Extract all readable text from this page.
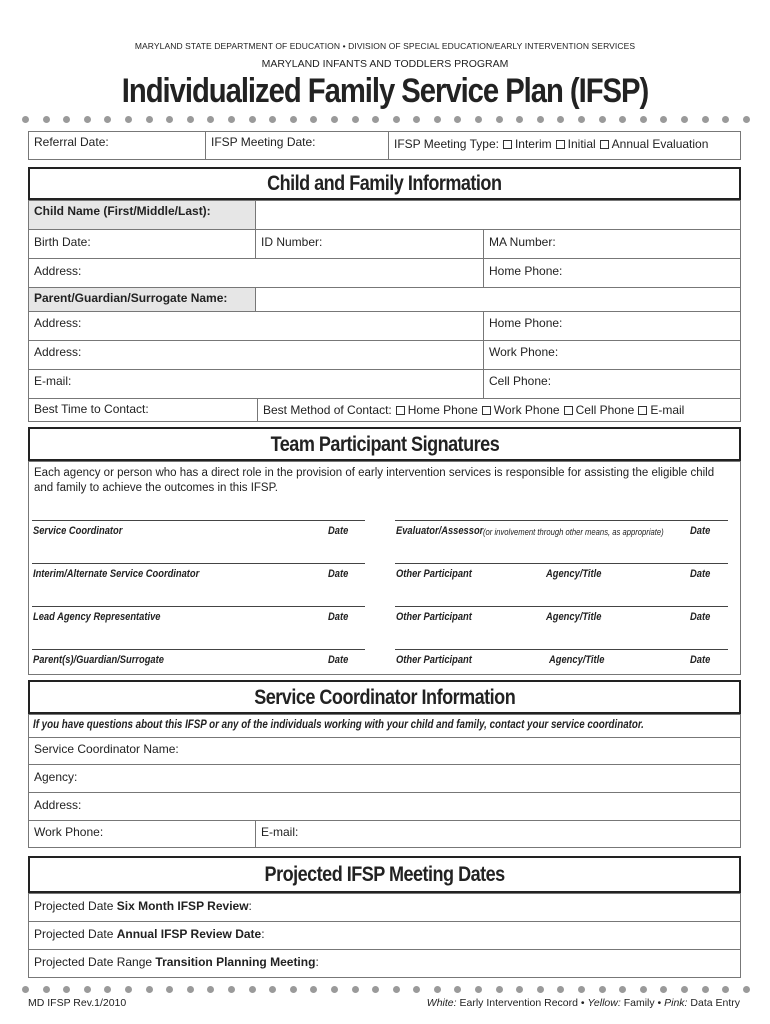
MARYLAND STATE DEPARTMENT OF EDUCATION • DIVISION OF SPECIAL EDUCATION/EARLY INTERVENTION SERVICES
MARYLAND INFANTS AND TODDLERS PROGRAM
Individualized Family Service Plan (IFSP)
Referral Date:	IFSP Meeting Date:	IFSP Meeting Type: Interim Initial Annual Evaluation
Child and Family Information
Child Name (First/Middle/Last):
Birth Date:	ID Number:	MA Number:
Address:	Home Phone:
Parent/Guardian/Surrogate Name:
Address:	Home Phone:
Address:	Work Phone:
E-mail:	Cell Phone:
Best Time to Contact:	Best Method of Contact: Home Phone Work Phone Cell Phone E-mail
Team Participant Signatures
Each agency or person who has a direct role in the provision of early intervention services is responsible for assisting the eligible child and family to achieve the outcomes in this IFSP.
Service Coordinator	Date	Evaluator/Assessor (or involvement through other means, as appropriate) Date
Interim/Alternate Service Coordinator	Date	Other Participant	Agency/Title	Date
Lead Agency Representative	Date	Other Participant	Agency/Title	Date
Parent(s)/Guardian/Surrogate	Date	Other Participant	Agency/Title	Date
Service Coordinator Information
If you have questions about this IFSP or any of the individuals working with your child and family, contact your service coordinator.
Service Coordinator Name:
Agency:
Address:
Work Phone:	E-mail:
Projected IFSP Meeting Dates
Projected Date Six Month IFSP Review:
Projected Date Annual IFSP Review Date:
Projected Date Range Transition Planning Meeting:
MD IFSP Rev.1/2010	White: Early Intervention Record • Yellow: Family • Pink: Data Entry
